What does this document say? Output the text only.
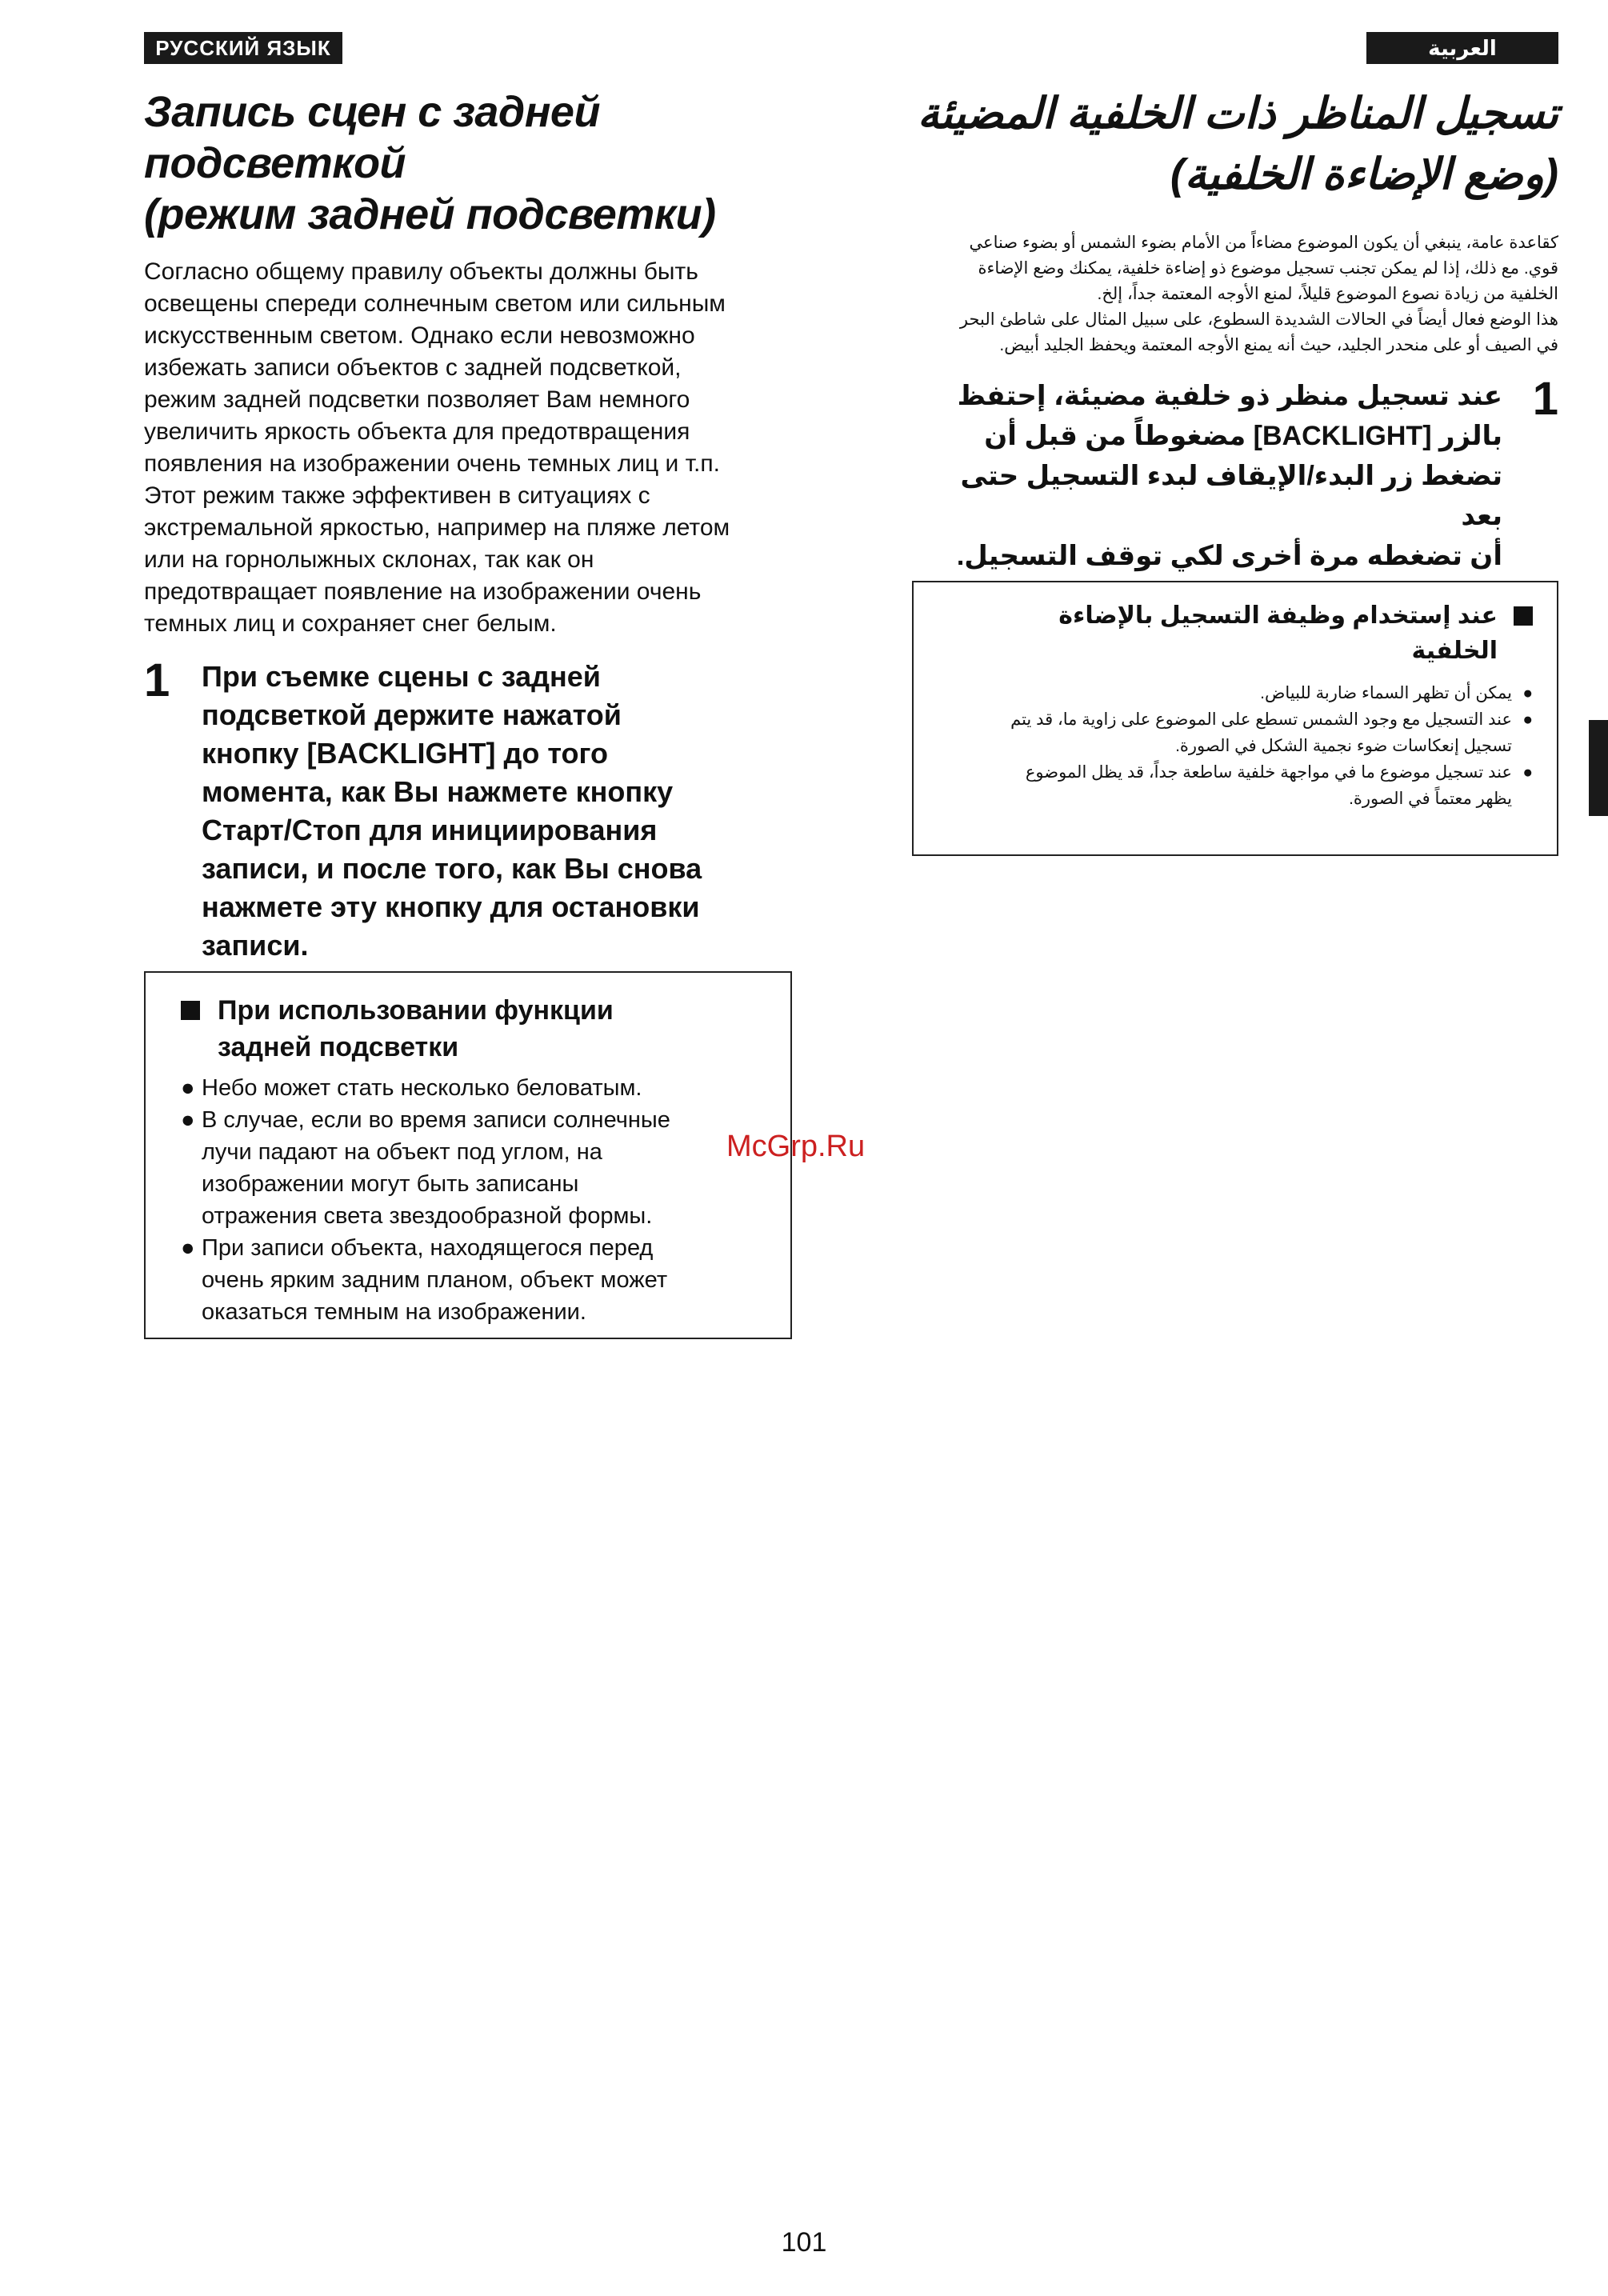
РУССКИЙ ЯЗЫК	العربية
Запись сцен с задней
подсветкой
(режим задней подсветки)

Согласно общему правилу объекты должны быть
освещены спереди солнечным светом или сильным
искусственным светом. Однако если невозможно
избежать записи объектов с задней подсветкой,
режим задней подсветки позволяет Вам немного
увеличить яркость объекта для предотвращения
появления на изображении очень темных лиц и т.п.
Этот режим также эффективен в ситуациях с
экстремальной яркостью, например на пляже летом
или на горнолыжных склонах, так как он
предотвращает появление на изображении очень
темных лиц и сохраняет снег белым.

1	При съемке сцены с задней
подсветкой держите нажатой
кнопку [BACKLIGHT] до того
момента, как Вы нажмете кнопку
Старт/Стоп для инициирования
записи, и после того, как Вы снова
нажмете эту кнопку для остановки
записи.
При использовании функции
задней подсветки
● Небо может стать несколько беловатым.
● В случае, если во время записи солнечные
лучи падают на объект под углом, на
изображении могут быть записаны
отражения света звездообразной формы.
● При записи объекта, находящегося перед
очень ярким задним планом, объект может
оказаться темным на изображении.
تسجيل المناظر ذات الخلفية المضيئة
(وضع الإضاءة الخلفية)

كقاعدة عامة، ينبغي أن يكون الموضوع مضاءاً من الأمام بضوء الشمس أو بضوء صناعي
قوي. مع ذلك، إذا لم يمكن تجنب تسجيل موضوع ذو إضاءة خلفية، يمكنك وضع الإضاءة
الخلفية من زيادة نصوع الموضوع قليلاً، لمنع الأوجه المعتمة جداً، إلخ.
هذا الوضع فعال أيضاً في الحالات الشديدة السطوع، على سبيل المثال على شاطئ البحر
في الصيف أو على منحدر الجليد، حيث أنه يمنع الأوجه المعتمة ويحفظ الجليد أبيض.

1
عند تسجيل منظر ذو خلفية مضيئة، إحتفظ
بالزر [BACKLIGHT] مضغوطاً من قبل أن
تضغط زر البدء/الإيقاف لبدء التسجيل حتى بعد
أن تضغطه مرة أخرى لكي توقف التسجيل.
عند إستخدام وظيفة التسجيل بالإضاءة
الخلفية
●
يمكن أن تظهر السماء ضاربة للبياض.
●
عند التسجيل مع وجود الشمس تسطع على الموضوع على زاوية ما، قد يتم
تسجيل إنعكاسات ضوء نجمية الشكل في الصورة.
●
عند تسجيل موضوع ما في مواجهة خلفية ساطعة جداً، قد يظل الموضوع
يظهر معتماً في الصورة.
McGrp.Ru
101
